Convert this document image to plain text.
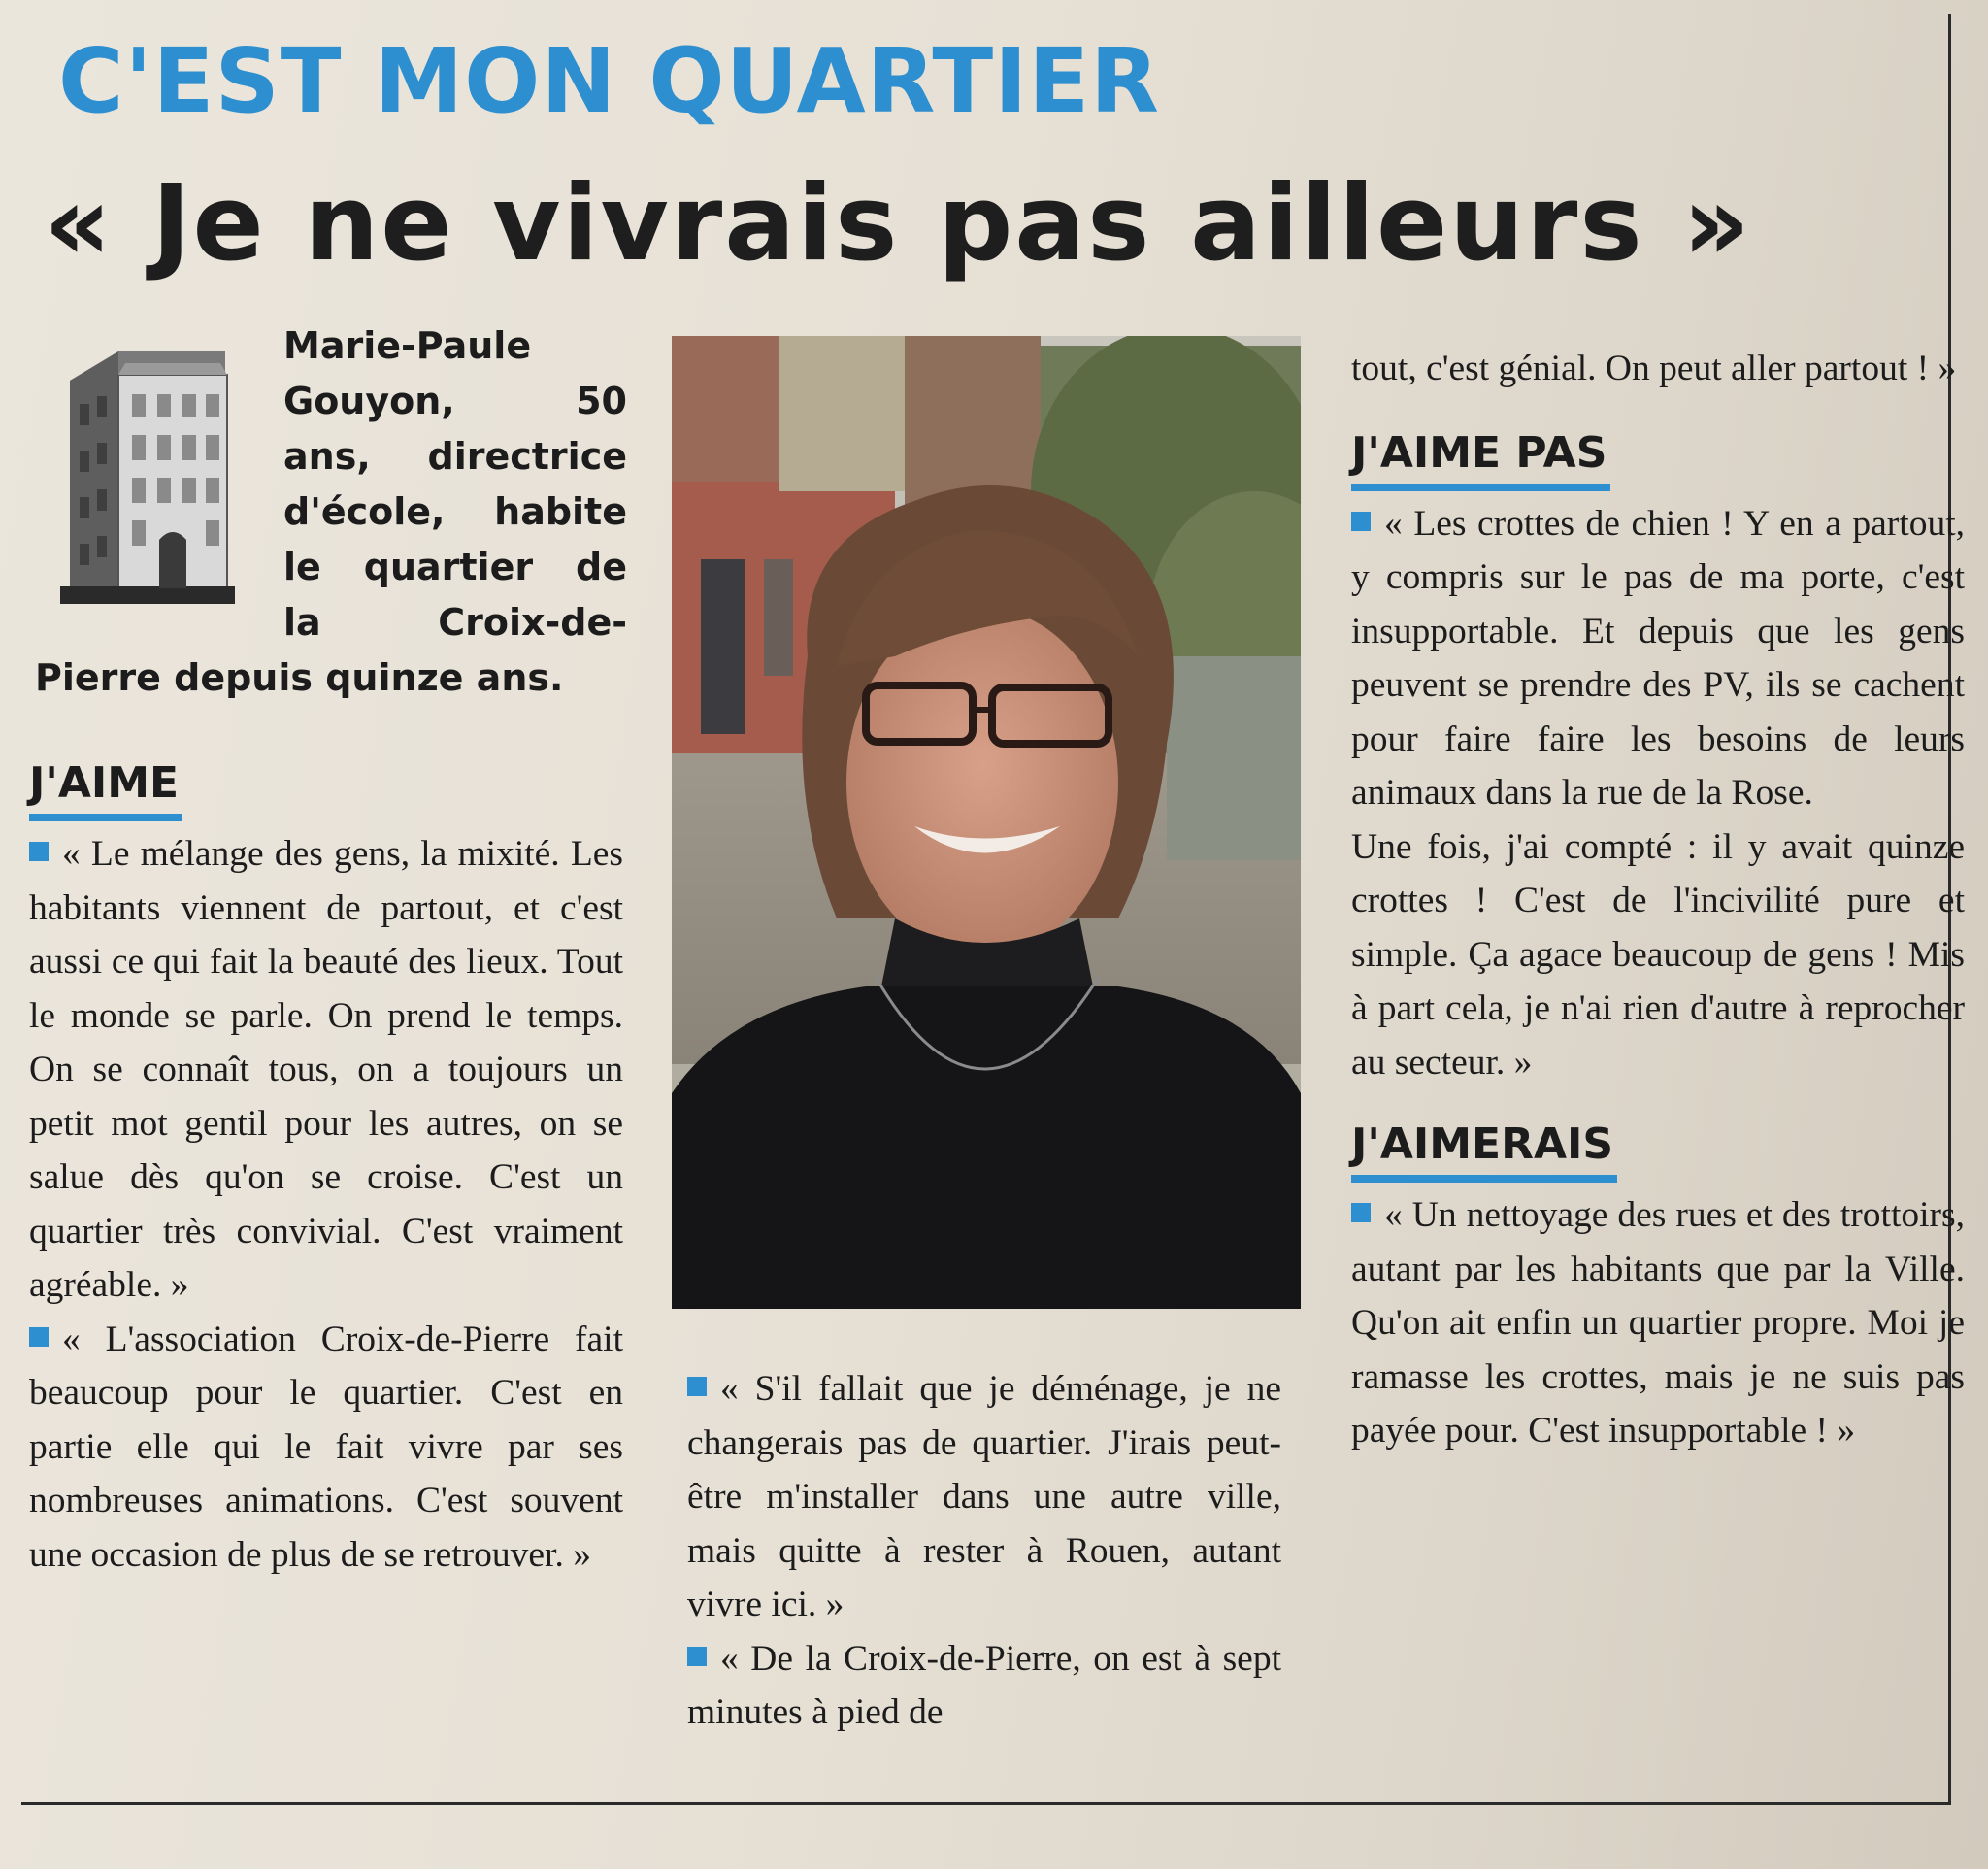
C'EST MON QUARTIER
« Je ne vivrais pas ailleurs »
Marie-Paule
Gouyon, 50
ans, directrice
d'école, habite
le quartier de
la Croix-de-
Pierre depuis quinze ans.
J'AIME

« Le mélange des gens, la mixité. Les habitants viennent de partout, et c'est aussi ce qui fait la beauté des lieux. Tout le monde se parle. On prend le temps. On se connaît tous, on a toujours un petit mot gentil pour les autres, on se salue dès qu'on se croise. C'est un quartier très convivial. C'est vraiment agréable. »

« L'association Croix-de-Pierre fait beaucoup pour le quartier. C'est en partie elle qui le fait vivre par ses nombreuses animations. C'est souvent une occasion de plus de se retrouver. »

« S'il fallait que je déménage, je ne changerais pas de quartier. J'irais peut-être m'installer dans une autre ville, mais quitte à rester à Rouen, autant vivre ici. »

« De la Croix-de-Pierre, on est à sept minutes à pied de

tout, c'est génial. On peut aller partout ! »

J'AIME PAS

« Les crottes de chien ! Y en a partout, y compris sur le pas de ma porte, c'est insupportable. Et depuis que les gens peuvent se prendre des PV, ils se cachent pour faire faire les besoins de leurs animaux dans la rue de la Rose.

Une fois, j'ai compté : il y avait quinze crottes ! C'est de l'incivilité pure et simple. Ça agace beaucoup de gens ! Mis à part cela, je n'ai rien d'autre à reprocher au secteur. »

J'AIMERAIS

« Un nettoyage des rues et des trottoirs, autant par les habitants que par la Ville. Qu'on ait enfin un quartier propre. Moi je ramasse les crottes, mais je ne suis pas payée pour. C'est insupportable ! »
